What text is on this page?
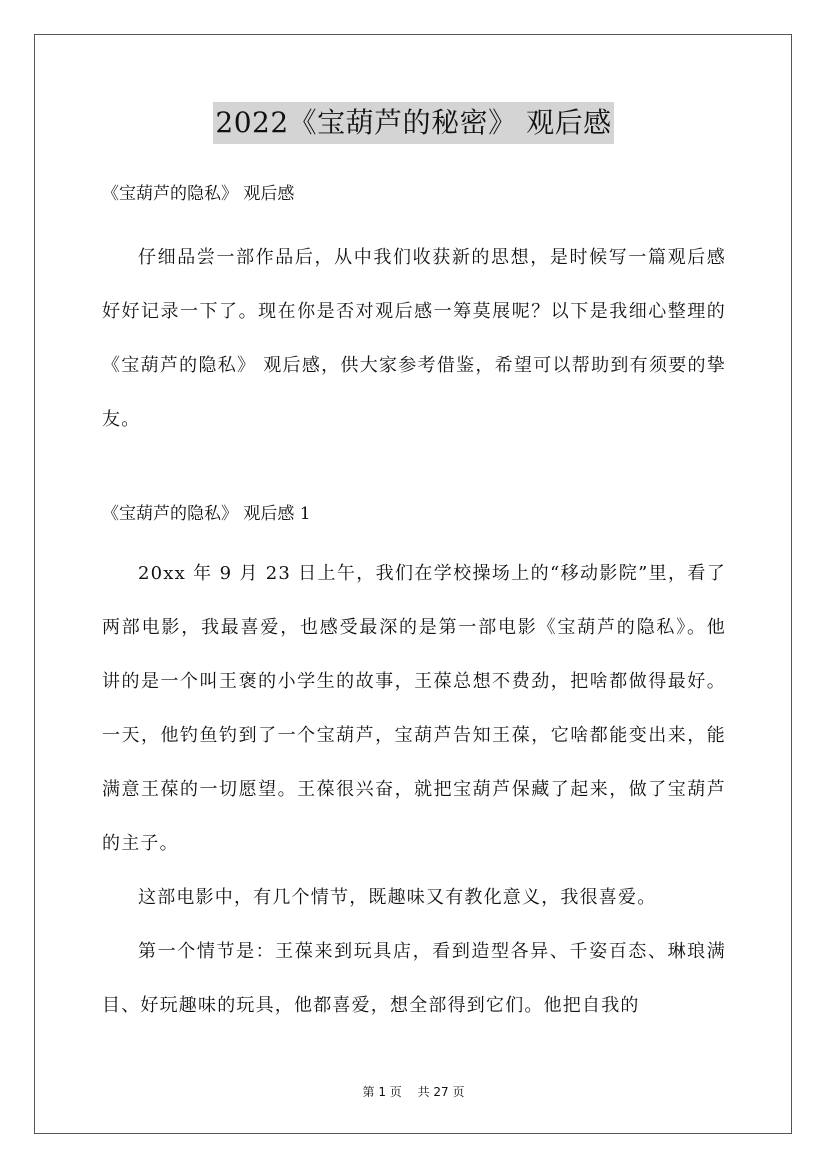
2022《宝葫芦的秘密》 观后感

《宝葫芦的隐私》 观后感

仔细品尝一部作品后，从中我们收获新的思想，是时候写一篇观后感好好记录一下了。现在你是否对观后感一筹莫展呢？以下是我细心整理的《宝葫芦的隐私》 观后感，供大家参考借鉴，希望可以帮助到有须要的挚友。

《宝葫芦的隐私》 观后感 1

20xx 年 9 月 23 日上午，我们在学校操场上的“移动影院”里，看了两部电影，我最喜爱，也感受最深的是第一部电影《宝葫芦的隐私》。他讲的是一个叫王褒的小学生的故事，王葆总想不费劲，把啥都做得最好。一天，他钓鱼钓到了一个宝葫芦，宝葫芦告知王葆，它啥都能变出来，能满意王葆的一切愿望。王葆很兴奋，就把宝葫芦保藏了起来，做了宝葫芦的主子。

这部电影中，有几个情节，既趣味又有教化意义，我很喜爱。

第一个情节是：王葆来到玩具店，看到造型各异、千姿百态、琳琅满目、好玩趣味的玩具，他都喜爱，想全部得到它们。他把自我的

第 1 页 共 27 页
